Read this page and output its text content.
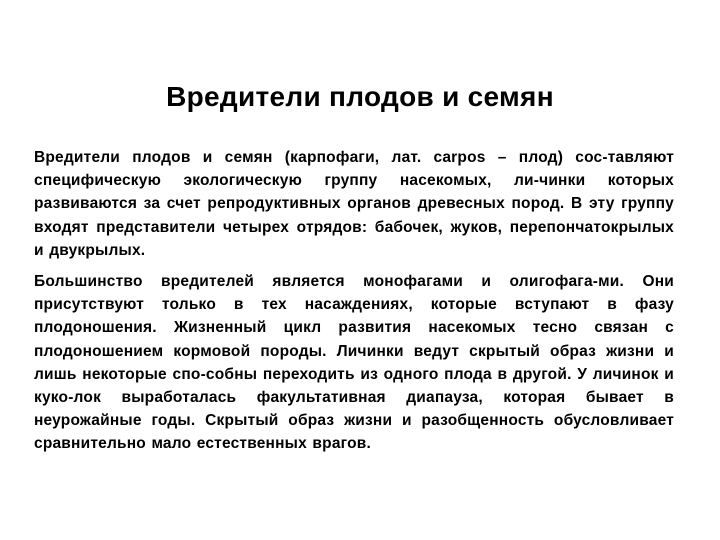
Вредители плодов и семян

Вредители плодов и семян (карпофаги, лат. carpos – плод) сос-тавляют специфическую экологическую группу насекомых, ли-чинки которых развиваются за счет репродуктивных органов древесных пород. В эту группу входят представители четырех отрядов: бабочек, жуков, перепончатокрылых и двукрылых.

Большинство вредителей является монофагами и олигофага-ми. Они присутствуют только в тех насаждениях, которые вступают в фазу плодоношения. Жизненный цикл развития насекомых тесно связан с плодоношением кормовой породы. Личинки ведут скрытый образ жизни и лишь некоторые спо-собны переходить из одного плода в другой. У личинок и куко-лок выработалась факультативная диапауза, которая бывает в неурожайные годы. Скрытый образ жизни и разобщенность обусловливает сравнительно мало естественных врагов.
